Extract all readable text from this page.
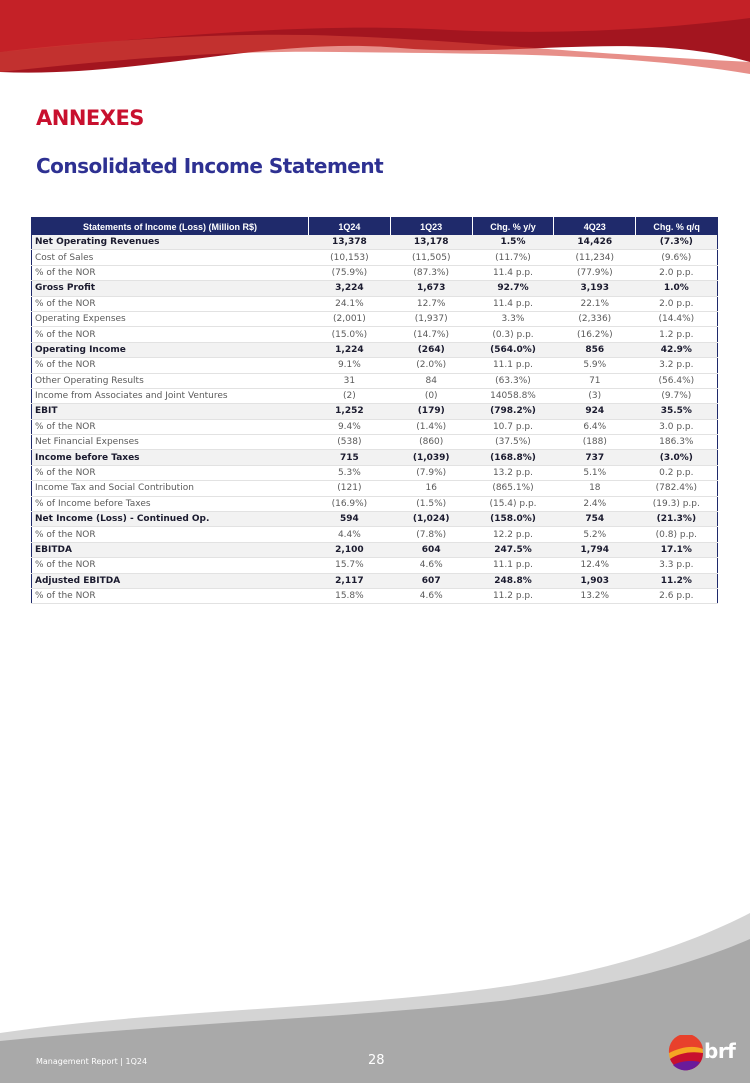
ANNEXES
Consolidated Income Statement
Statements of Income (Loss) (Million R$)	1Q24	1Q23	Chg. % y/y	4Q23	Chg. % q/q
Net Operating Revenues	13,378	13,178	1.5%	14,426	(7.3%)
Cost of Sales	(10,153)	(11,505)	(11.7%)	(11,234)	(9.6%)
% of the NOR	(75.9%)	(87.3%)	11.4 p.p.	(77.9%)	2.0 p.p.
Gross Profit	3,224	1,673	92.7%	3,193	1.0%
% of the NOR	24.1%	12.7%	11.4 p.p.	22.1%	2.0 p.p.
Operating Expenses	(2,001)	(1,937)	3.3%	(2,336)	(14.4%)
% of the NOR	(15.0%)	(14.7%)	(0.3) p.p.	(16.2%)	1.2 p.p.
Operating Income	1,224	(264)	(564.0%)	856	42.9%
% of the NOR	9.1%	(2.0%)	11.1 p.p.	5.9%	3.2 p.p.
Other Operating Results	31	84	(63.3%)	71	(56.4%)
Income from Associates and Joint Ventures	(2)	(0)	14058.8%	(3)	(9.7%)
EBIT	1,252	(179)	(798.2%)	924	35.5%
% of the NOR	9.4%	(1.4%)	10.7 p.p.	6.4%	3.0 p.p.
Net Financial Expenses	(538)	(860)	(37.5%)	(188)	186.3%
Income before Taxes	715	(1,039)	(168.8%)	737	(3.0%)
% of the NOR	5.3%	(7.9%)	13.2 p.p.	5.1%	0.2 p.p.
Income Tax and Social Contribution	(121)	16	(865.1%)	18	(782.4%)
% of Income before Taxes	(16.9%)	(1.5%)	(15.4) p.p.	2.4%	(19.3) p.p.
Net Income (Loss) - Continued Op.	594	(1,024)	(158.0%)	754	(21.3%)
% of the NOR	4.4%	(7.8%)	12.2 p.p.	5.2%	(0.8) p.p.
EBITDA	2,100	604	247.5%	1,794	17.1%
% of the NOR	15.7%	4.6%	11.1 p.p.	12.4%	3.3 p.p.
Adjusted EBITDA	2,117	607	248.8%	1,903	11.2%
% of the NOR	15.8%	4.6%	11.2 p.p.	13.2%	2.6 p.p.
Management Report | 1Q24	28	brf
